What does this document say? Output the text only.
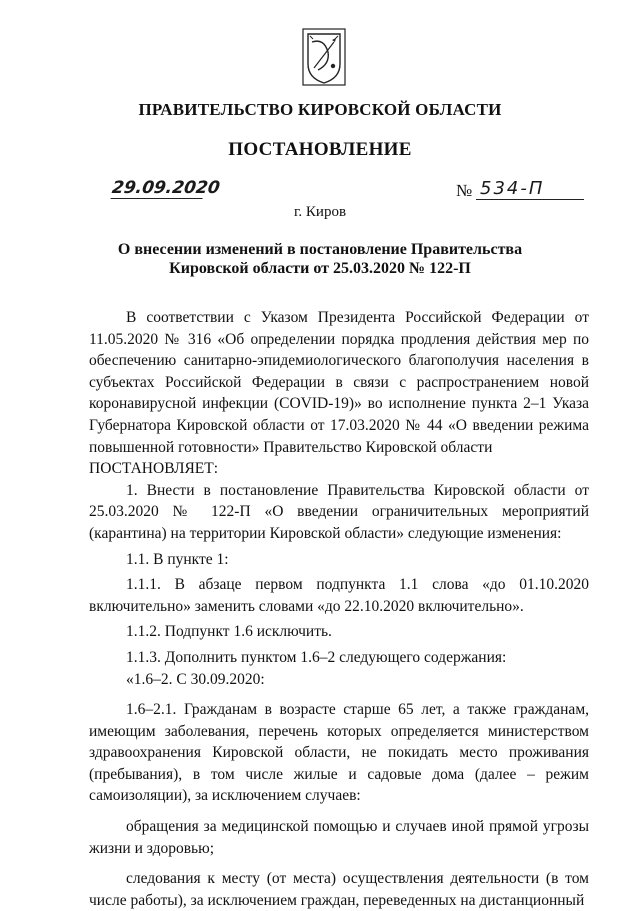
ПРАВИТЕЛЬСТВО КИРОВСКОЙ ОБЛАСТИ
ПОСТАНОВЛЕНИЕ
29.09.2020	№ 534-П
г. Киров
О внесении изменений в постановление Правительства
Кировской области от 25.03.2020 № 122-П

В соответствии с Указом Президента Российской Федерации от 11.05.2020 № 316 «Об определении порядка продления действия мер по обеспечению санитарно-эпидемиологического благополучия населения в субъектах Российской Федерации в связи с распространением новой коронавирусной инфекции (COVID-19)» во исполнение пункта 2–1 Указа Губернатора Кировской области от 17.03.2020 № 44 «О введении режима повышенной готовности» Правительство Кировской области

ПОСТАНОВЛЯЕТ:

1. Внести в постановление Правительства Кировской области от 25.03.2020 № 122-П «О введении ограничительных мероприятий (карантина) на территории Кировской области» следующие изменения:

1.1. В пункте 1:

1.1.1. В абзаце первом подпункта 1.1 слова «до 01.10.2020 включительно» заменить словами «до 22.10.2020 включительно».

1.1.2. Подпункт 1.6 исключить.

1.1.3. Дополнить пунктом 1.6–2 следующего содержания:

«1.6–2. С 30.09.2020:

1.6–2.1. Гражданам в возрасте старше 65 лет, а также гражданам, имеющим заболевания, перечень которых определяется министерством здравоохранения Кировской области, не покидать место проживания (пребывания), в том числе жилые и садовые дома (далее – режим самоизоляции), за исключением случаев:

обращения за медицинской помощью и случаев иной прямой угрозы жизни и здоровью;

следования к месту (от места) осуществления деятельности (в том числе работы), за исключением граждан, переведенных на дистанционный
